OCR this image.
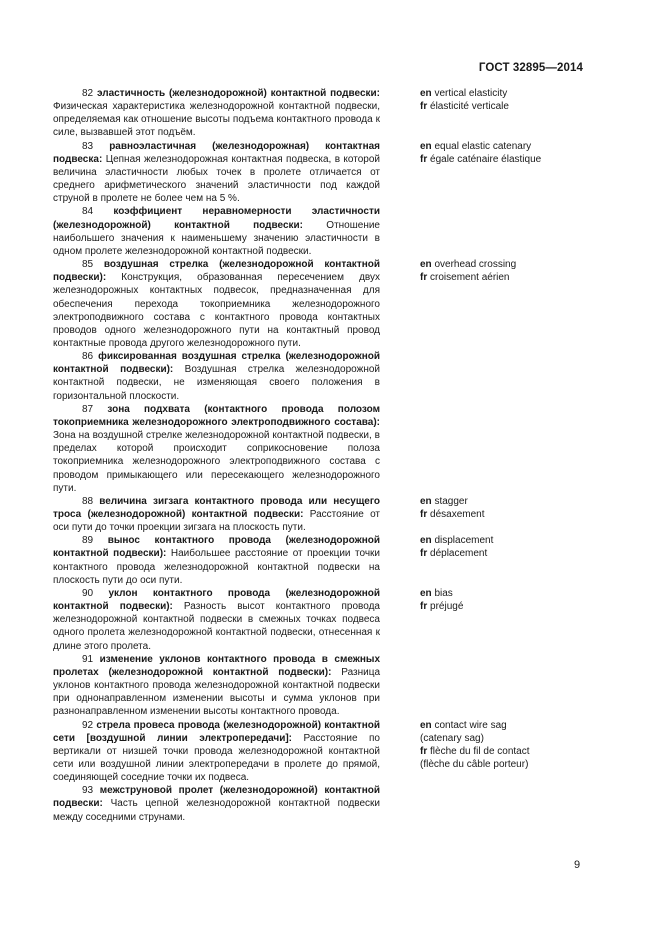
ГОСТ 32895—2014
82 эластичность (железнодорожной) контактной подвески: Физическая характеристика железнодорожной контактной подвески, определяемая как отношение высоты подъема контактного провода к силе, вызвавшей этот подъём.
en vertical elasticity
fr élasticité verticale
83 равноэластичная (железнодорожная) контактная подвеска: Цепная железнодорожная контактная подвеска, в которой величина эластичности любых точек в пролете отличается от среднего арифметического значений эластичности под каждой струной в пролете не более чем на 5 %.
en equal elastic catenary
fr égale caténaire élastique
84 коэффициент неравномерности эластичности (железнодорожной) контактной подвески: Отношение наибольшего значения к наименьшему значению эластичности в одном пролете железнодорожной контактной подвески.
85 воздушная стрелка (железнодорожной контактной подвески): Конструкция, образованная пересечением двух железнодорожных контактных подвесок, предназначенная для обеспечения перехода токоприемника железнодорожного электроподвижного состава с контактного провода контактных проводов одного железнодорожного пути на контактный провод контактные провода другого железнодорожного пути.
en overhead crossing
fr croisement aérien
86 фиксированная воздушная стрелка (железнодорожной контактной подвески): Воздушная стрелка железнодорожной контактной подвески, не изменяющая своего положения в горизонтальной плоскости.
87 зона подхвата (контактного провода полозом токоприемника железнодорожного электроподвижного состава): Зона на воздушной стрелке железнодорожной контактной подвески, в пределах которой происходит соприкосновение полоза токоприемника железнодорожного электроподвижного состава с проводом примыкающего или пересекающего железнодорожного пути.
88 величина зигзага контактного провода или несущего троса (железнодорожной) контактной подвески: Расстояние от оси пути до точки проекции зигзага на плоскость пути.
en stagger
fr désaxement
89 вынос контактного провода (железнодорожной контактной подвески): Наибольшее расстояние от проекции точки контактного провода железнодорожной контактной подвески на плоскость пути до оси пути.
en displacement
fr déplacement
90 уклон контактного провода (железнодорожной контактной подвески): Разность высот контактного провода железнодорожной контактной подвески в смежных точках подвеса одного пролета железнодорожной контактной подвески, отнесенная к длине этого пролета.
en bias
fr préjugé
91 изменение уклонов контактного провода в смежных пролетах (железнодорожной контактной подвески): Разница уклонов контактного провода железнодорожной контактной подвески при однонаправленном изменении высоты и сумма уклонов при разнонаправленном изменении высоты контактного провода.
92 стрела провеса провода (железнодорожной) контактной сети [воздушной линии электропередачи]: Расстояние по вертикали от низшей точки провода железнодорожной контактной сети или воздушной линии электропередачи в пролете до прямой, соединяющей соседние точки их подвеса.
en contact wire sag
(catenary sag)
fr flèche du fil de contact
(flèche du câble porteur)
93 межструновой пролет (железнодорожной) контактной подвески: Часть цепной железнодорожной контактной подвески между соседними струнами.
9
